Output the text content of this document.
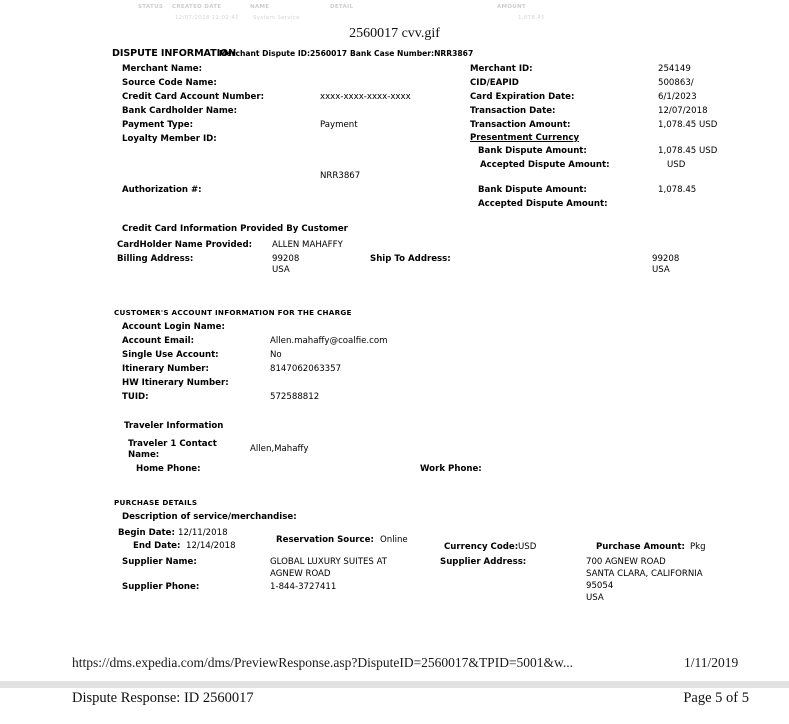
STATUS CREATED DATE	NAME	DETAIL	AMOUNT
12/07/2018 12:02:41	System Service	1,078.45
2560017 cvv.gif
DISPUTE INFORMATION
Merchant Dispute ID:2560017 Bank Case Number:NRR3867
Merchant Name:
Source Code Name:
Credit Card Account Number:	xxxx-xxxx-xxxx-xxxx
Bank Cardholder Name:
Payment Type:	Payment
Loyalty Member ID:
NRR3867
Authorization #:
Merchant ID:	254149
CID/EAPID	500863/
Card Expiration Date:	6/1/2023
Transaction Date:	12/07/2018
Transaction Amount:	1,078.45 USD
Presentment Currency
Bank Dispute Amount:	1,078.45 USD
Accepted Dispute Amount:	USD
Bank Dispute Amount:	1,078.45
Accepted Dispute Amount:
Credit Card Information Provided By Customer
CardHolder Name Provided: ALLEN MAHAFFY
Billing Address:	99208
USA
Ship To Address:	99208
USA
CUSTOMER'S ACCOUNT INFORMATION FOR THE CHARGE
Account Login Name:
Account Email:	Allen.mahaffy@coalfie.com
Single Use Account:	No
Itinerary Number:	8147062063357
HW Itinerary Number:
TUID:	572588812
Traveler Information
Traveler 1 Contact
Name:
Allen,Mahaffy
Home Phone:	Work Phone:
PURCHASE DETAILS
Description of service/merchandise:
Begin Date: 12/11/2018
End Date: 12/14/2018
Reservation Source: Online
Currency Code: USD	Purchase Amount: Pkg
Supplier Name:	GLOBAL LUXURY SUITES AT
AGNEW ROAD
Supplier Phone:	1-844-3727411
Supplier Address:	700 AGNEW ROAD
SANTA CLARA, CALIFORNIA
95054
USA
https://dms.expedia.com/dms/PreviewResponse.asp?DisputeID=2560017&TPID=5001&w...	1/11/2019
Dispute Response: ID 2560017	Page 5 of 5
